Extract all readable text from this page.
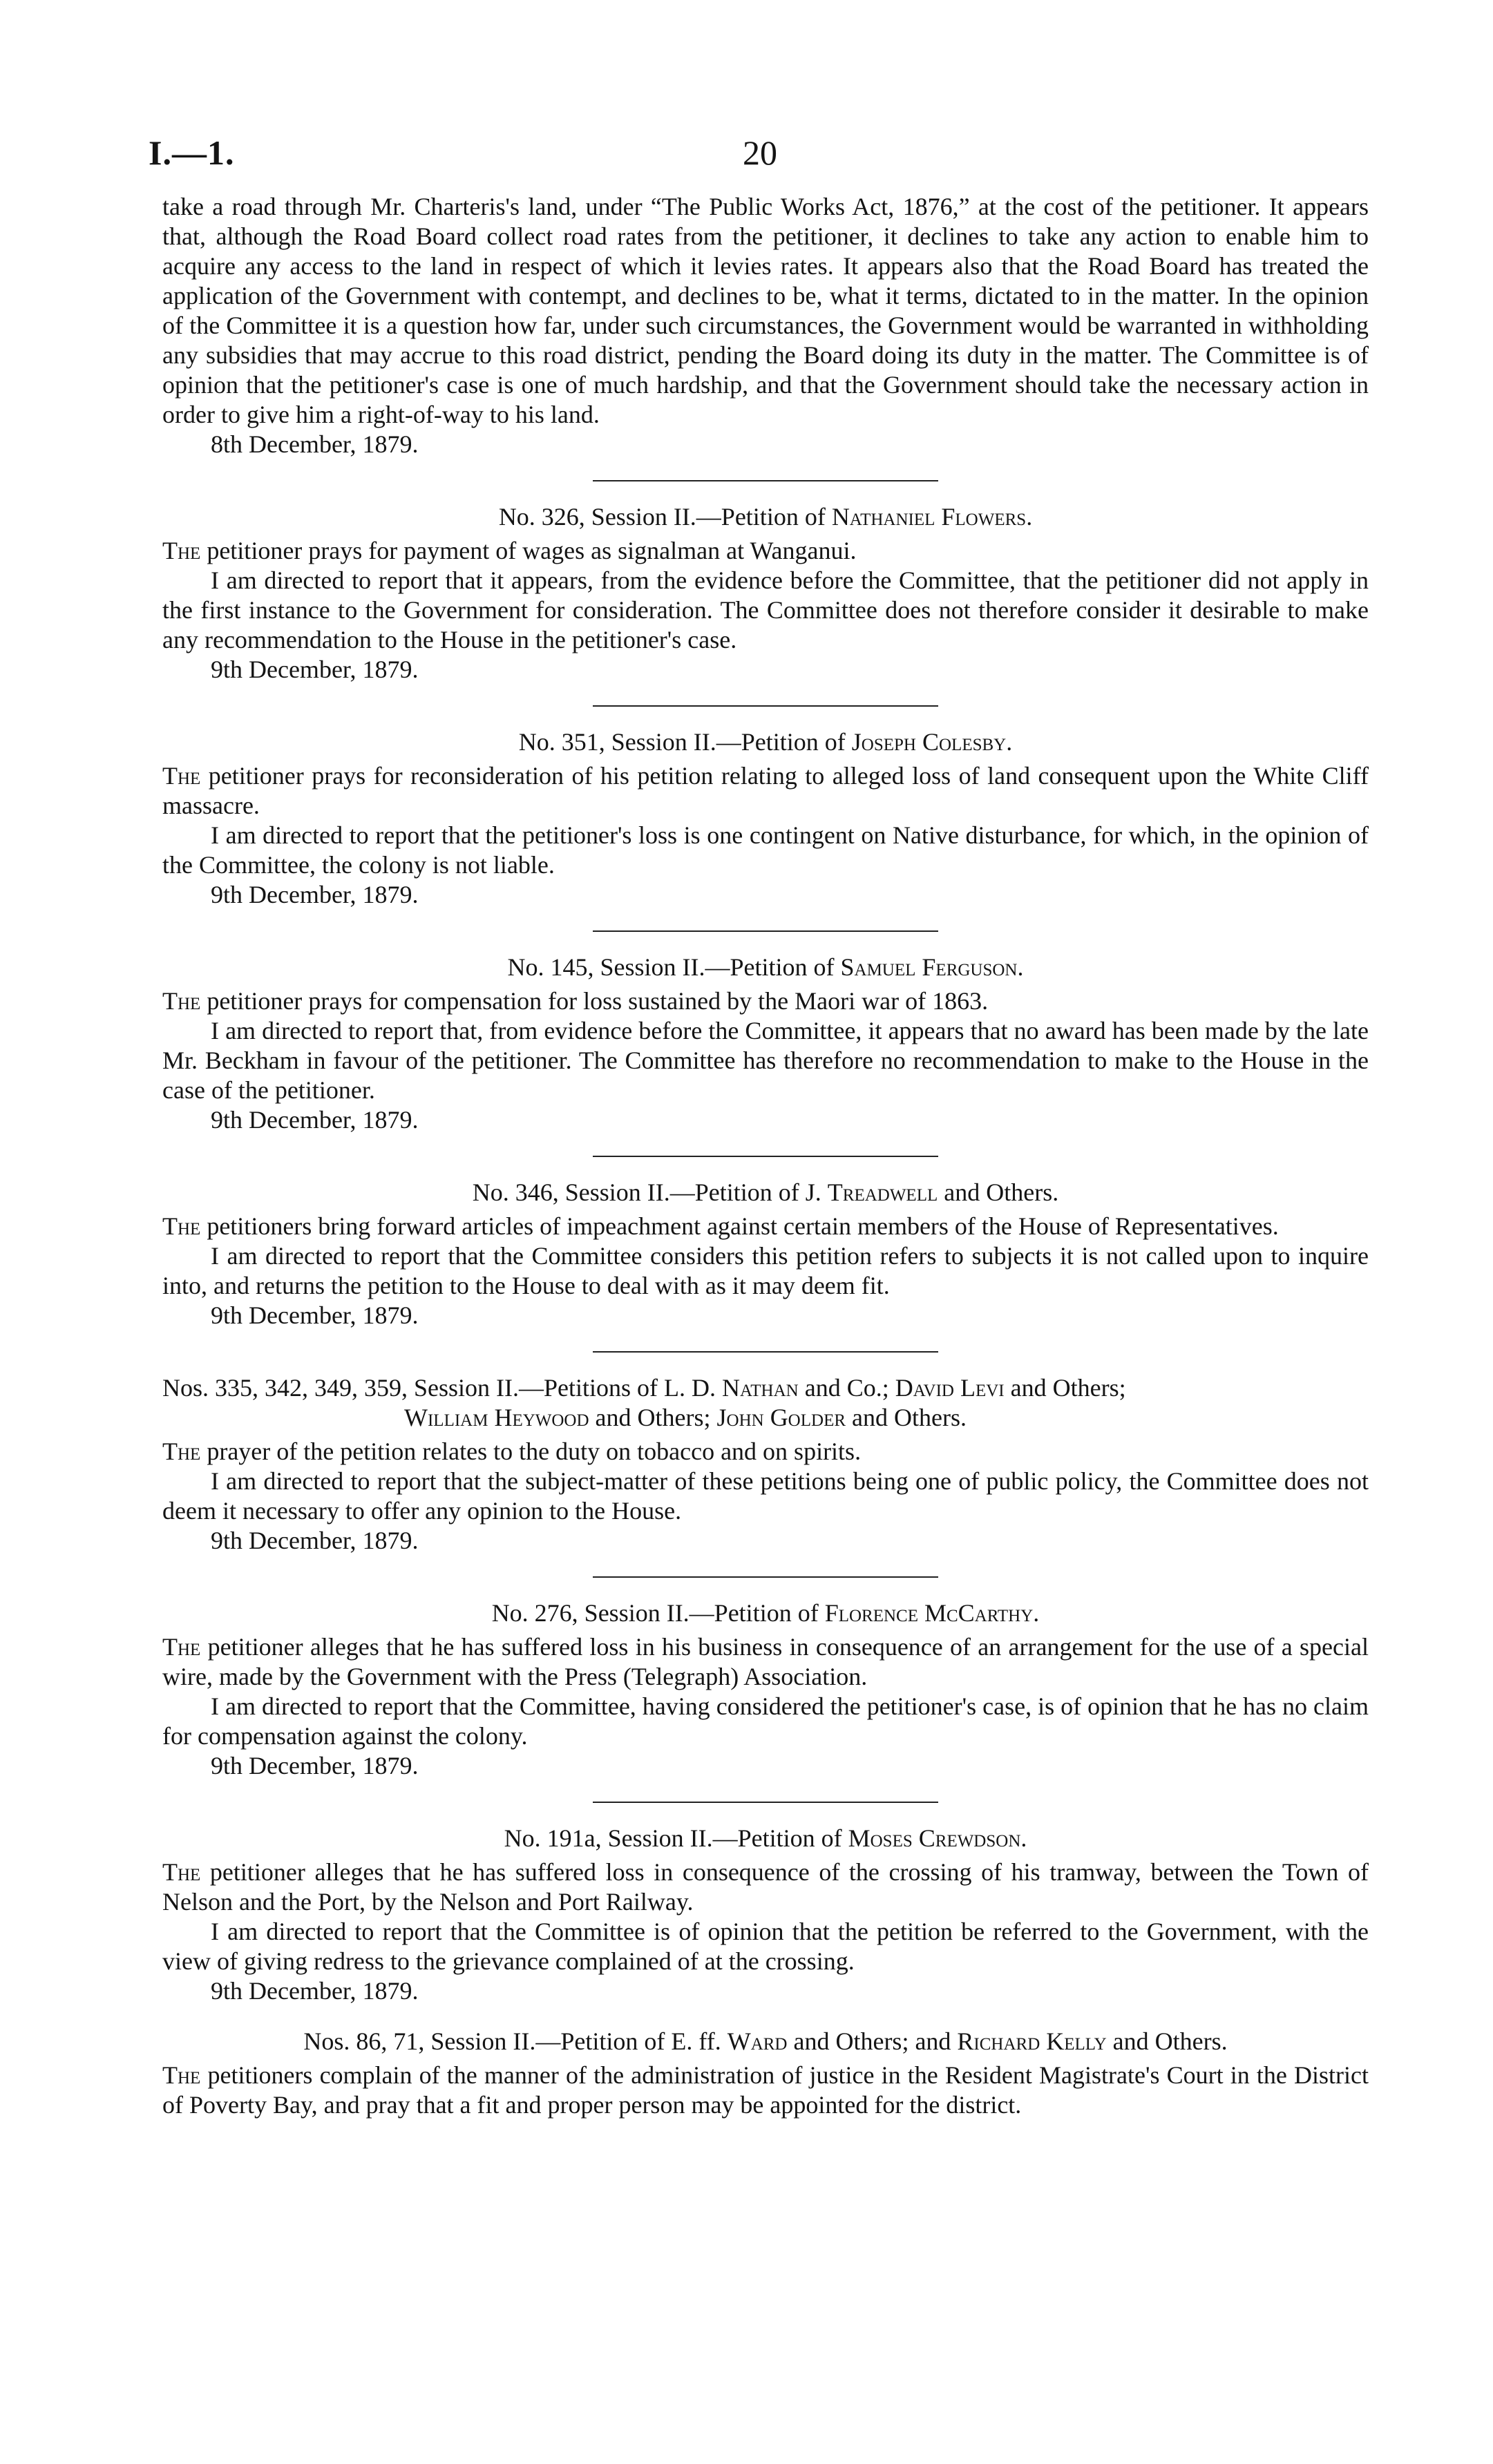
I.—1.	20

take a road through Mr. Charteris's land, under “The Public Works Act, 1876,” at the cost of the petitioner. It appears that, although the Road Board collect road rates from the petitioner, it declines to take any action to enable him to acquire any access to the land in respect of which it levies rates. It appears also that the Road Board has treated the application of the Government with contempt, and declines to be, what it terms, dictated to in the matter. In the opinion of the Committee it is a question how far, under such circumstances, the Government would be warranted in withholding any subsidies that may accrue to this road district, pending the Board doing its duty in the matter. The Committee is of opinion that the petitioner's case is one of much hardship, and that the Government should take the necessary action in order to give him a right-of-way to his land.

8th December, 1879.

No. 326, Session II.—Petition of Nathaniel Flowers.

The petitioner prays for payment of wages as signalman at Wanganui.

I am directed to report that it appears, from the evidence before the Committee, that the petitioner did not apply in the first instance to the Government for consideration. The Committee does not therefore consider it desirable to make any recommendation to the House in the petitioner's case.

9th December, 1879.

No. 351, Session II.—Petition of Joseph Colesby.

The petitioner prays for reconsideration of his petition relating to alleged loss of land consequent upon the White Cliff massacre.

I am directed to report that the petitioner's loss is one contingent on Native disturbance, for which, in the opinion of the Committee, the colony is not liable.

9th December, 1879.

No. 145, Session II.—Petition of Samuel Ferguson.

The petitioner prays for compensation for loss sustained by the Maori war of 1863.

I am directed to report that, from evidence before the Committee, it appears that no award has been made by the late Mr. Beckham in favour of the petitioner. The Committee has therefore no recommendation to make to the House in the case of the petitioner.

9th December, 1879.

No. 346, Session II.—Petition of J. Treadwell and Others.

The petitioners bring forward articles of impeachment against certain members of the House of Representatives.

I am directed to report that the Committee considers this petition refers to subjects it is not called upon to inquire into, and returns the petition to the House to deal with as it may deem fit.

9th December, 1879.

Nos. 335, 342, 349, 359, Session II.—Petitions of L. D. Nathan and Co.; David Levi and Others;
William Heywood and Others; John Golder and Others.

The prayer of the petition relates to the duty on tobacco and on spirits.

I am directed to report that the subject-matter of these petitions being one of public policy, the Committee does not deem it necessary to offer any opinion to the House.

9th December, 1879.

No. 276, Session II.—Petition of Florence McCarthy.

The petitioner alleges that he has suffered loss in his business in consequence of an arrangement for the use of a special wire, made by the Government with the Press (Telegraph) Association.

I am directed to report that the Committee, having considered the petitioner's case, is of opinion that he has no claim for compensation against the colony.

9th December, 1879.

No. 191a, Session II.—Petition of Moses Crewdson.

The petitioner alleges that he has suffered loss in consequence of the crossing of his tramway, between the Town of Nelson and the Port, by the Nelson and Port Railway.

I am directed to report that the Committee is of opinion that the petition be referred to the Government, with the view of giving redress to the grievance complained of at the crossing.

9th December, 1879.

Nos. 86, 71, Session II.—Petition of E. ff. Ward and Others; and Richard Kelly and Others.

The petitioners complain of the manner of the administration of justice in the Resident Magistrate's Court in the District of Poverty Bay, and pray that a fit and proper person may be appointed for the district.
